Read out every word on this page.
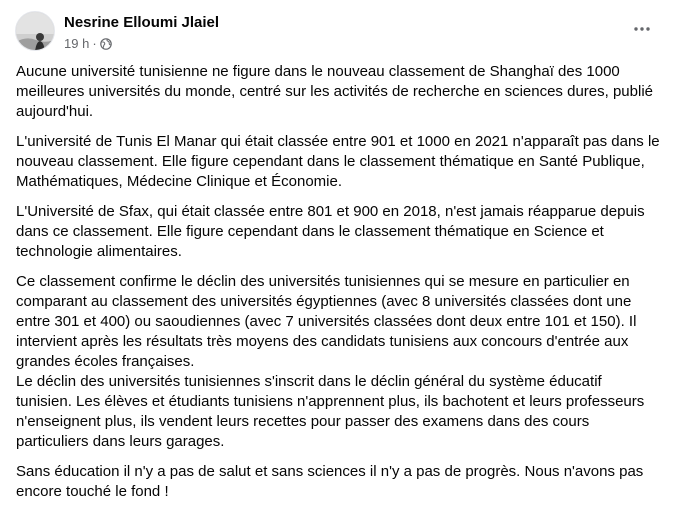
Nesrine Elloumi Jlaiel
19 h ·

Aucune université tunisienne ne figure dans le nouveau classement de Shanghaï des 1000 meilleures universités du monde, centré sur les activités de recherche en sciences dures, publié aujourd'hui.

L'université de Tunis El Manar qui était classée entre 901 et 1000 en 2021 n'apparaît pas dans le nouveau classement. Elle figure cependant dans le classement thématique en Santé Publique, Mathématiques, Médecine Clinique et Économie.

L'Université de Sfax, qui était classée entre 801 et 900 en 2018, n'est jamais réapparue depuis dans ce classement. Elle figure cependant dans le classement thématique en Science et technologie alimentaires.

Ce classement confirme le déclin des universités tunisiennes qui se mesure en particulier en comparant au classement des universités égyptiennes (avec 8 universités classées dont une entre 301 et 400) ou saoudiennes (avec 7 universités classées dont deux entre 101 et 150). Il intervient après les résultats très moyens des candidats tunisiens aux concours d'entrée aux grandes écoles françaises.

Le déclin des universités tunisiennes s'inscrit dans le déclin général du système éducatif tunisien. Les élèves et étudiants tunisiens n'apprennent plus, ils bachotent et leurs professeurs n'enseignent plus, ils vendent leurs recettes pour passer des examens dans des cours particuliers dans leurs garages.

Sans éducation il n'y a pas de salut et sans sciences il n'y a pas de progrès. Nous n'avons pas encore touché le fond !
